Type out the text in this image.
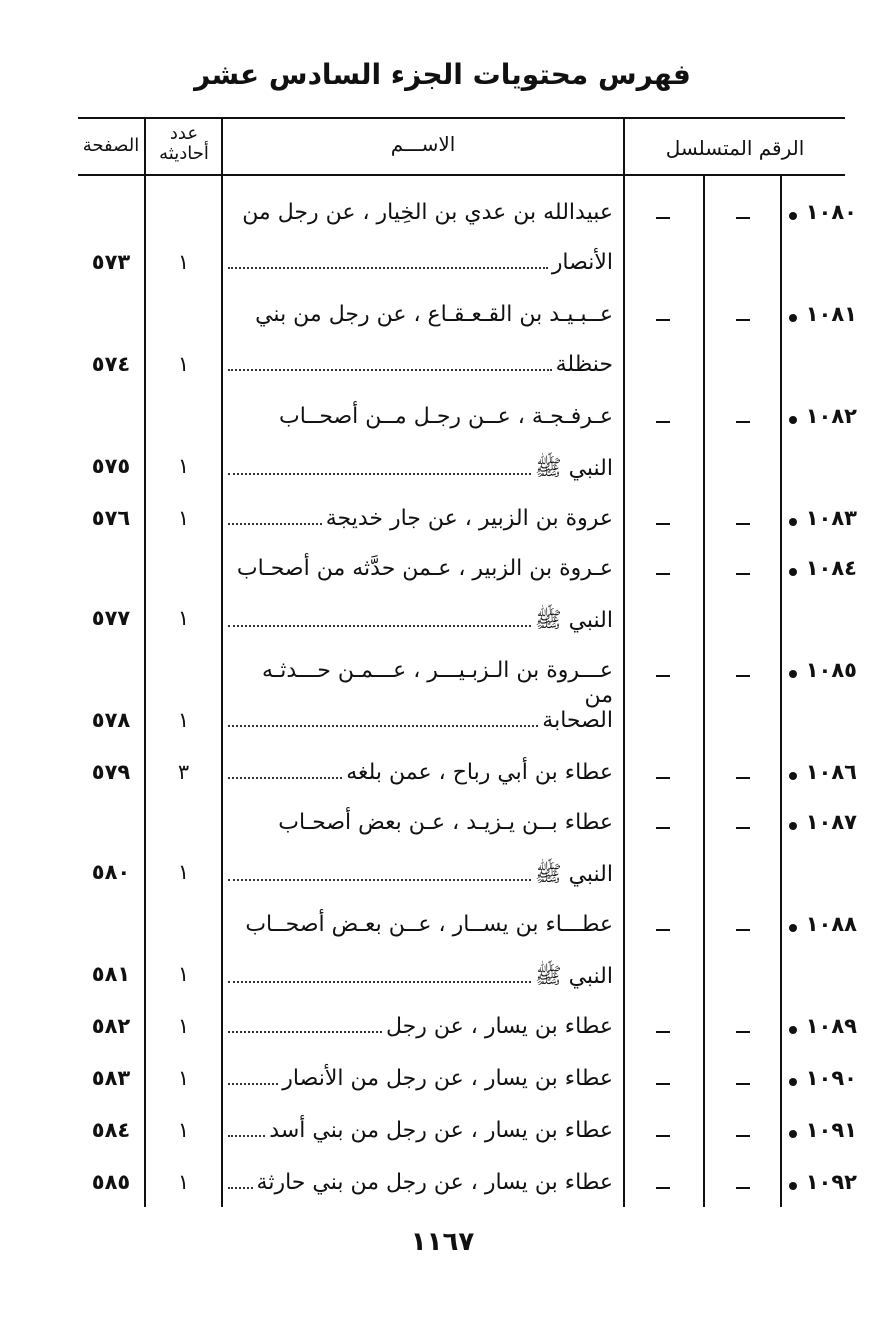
فهرس محتويات الجزء السادس عشر
الصفحة
عدد
أحاديثه	الاســـم	الرقم المتسلسل
١٠٨٠
عبيدالله بن عدي بن الخِيار ، عن رجل من
الأنصار
١
٥٧٣
١٠٨١
عــبـيـد بن القـعـقـاع ، عن رجل من بني
حنظلة
١
٥٧٤
١٠٨٢
عـرفـجـة ، عــن رجـل مــن أصحــاب
النبي ﷺ
١
٥٧٥
١٠٨٣
عروة بن الزبير ، عن جار خديجة
١
٥٧٦
١٠٨٤
عـروة بن الزبير ، عـمن حدَّثه من أصحـاب
النبي ﷺ
١
٥٧٧
١٠٨٥
عـــروة بن الـزبـيـــر ، عـــمـن حـــدثـه من
الصحابة
١
٥٧٨
١٠٨٦
عطاء بن أبي رباح ، عمن بلغه
٣
٥٧٩
١٠٨٧
عطاء بــن يـزيـد ، عـن بعض أصحـاب
النبي ﷺ
١
٥٨٠
١٠٨٨
عطـــاء بن يســار ، عــن بعـض أصحــاب
النبي ﷺ
١
٥٨١
١٠٨٩
عطاء بن يسار ، عن رجل
١
٥٨٢
١٠٩٠
عطاء بن يسار ، عن رجل من الأنصار
١
٥٨٣
١٠٩١
عطاء بن يسار ، عن رجل من بني أسد
١
٥٨٤
١٠٩٢
عطاء بن يسار ، عن رجل من بني حارثة
١
٥٨٥
١١٦٧
